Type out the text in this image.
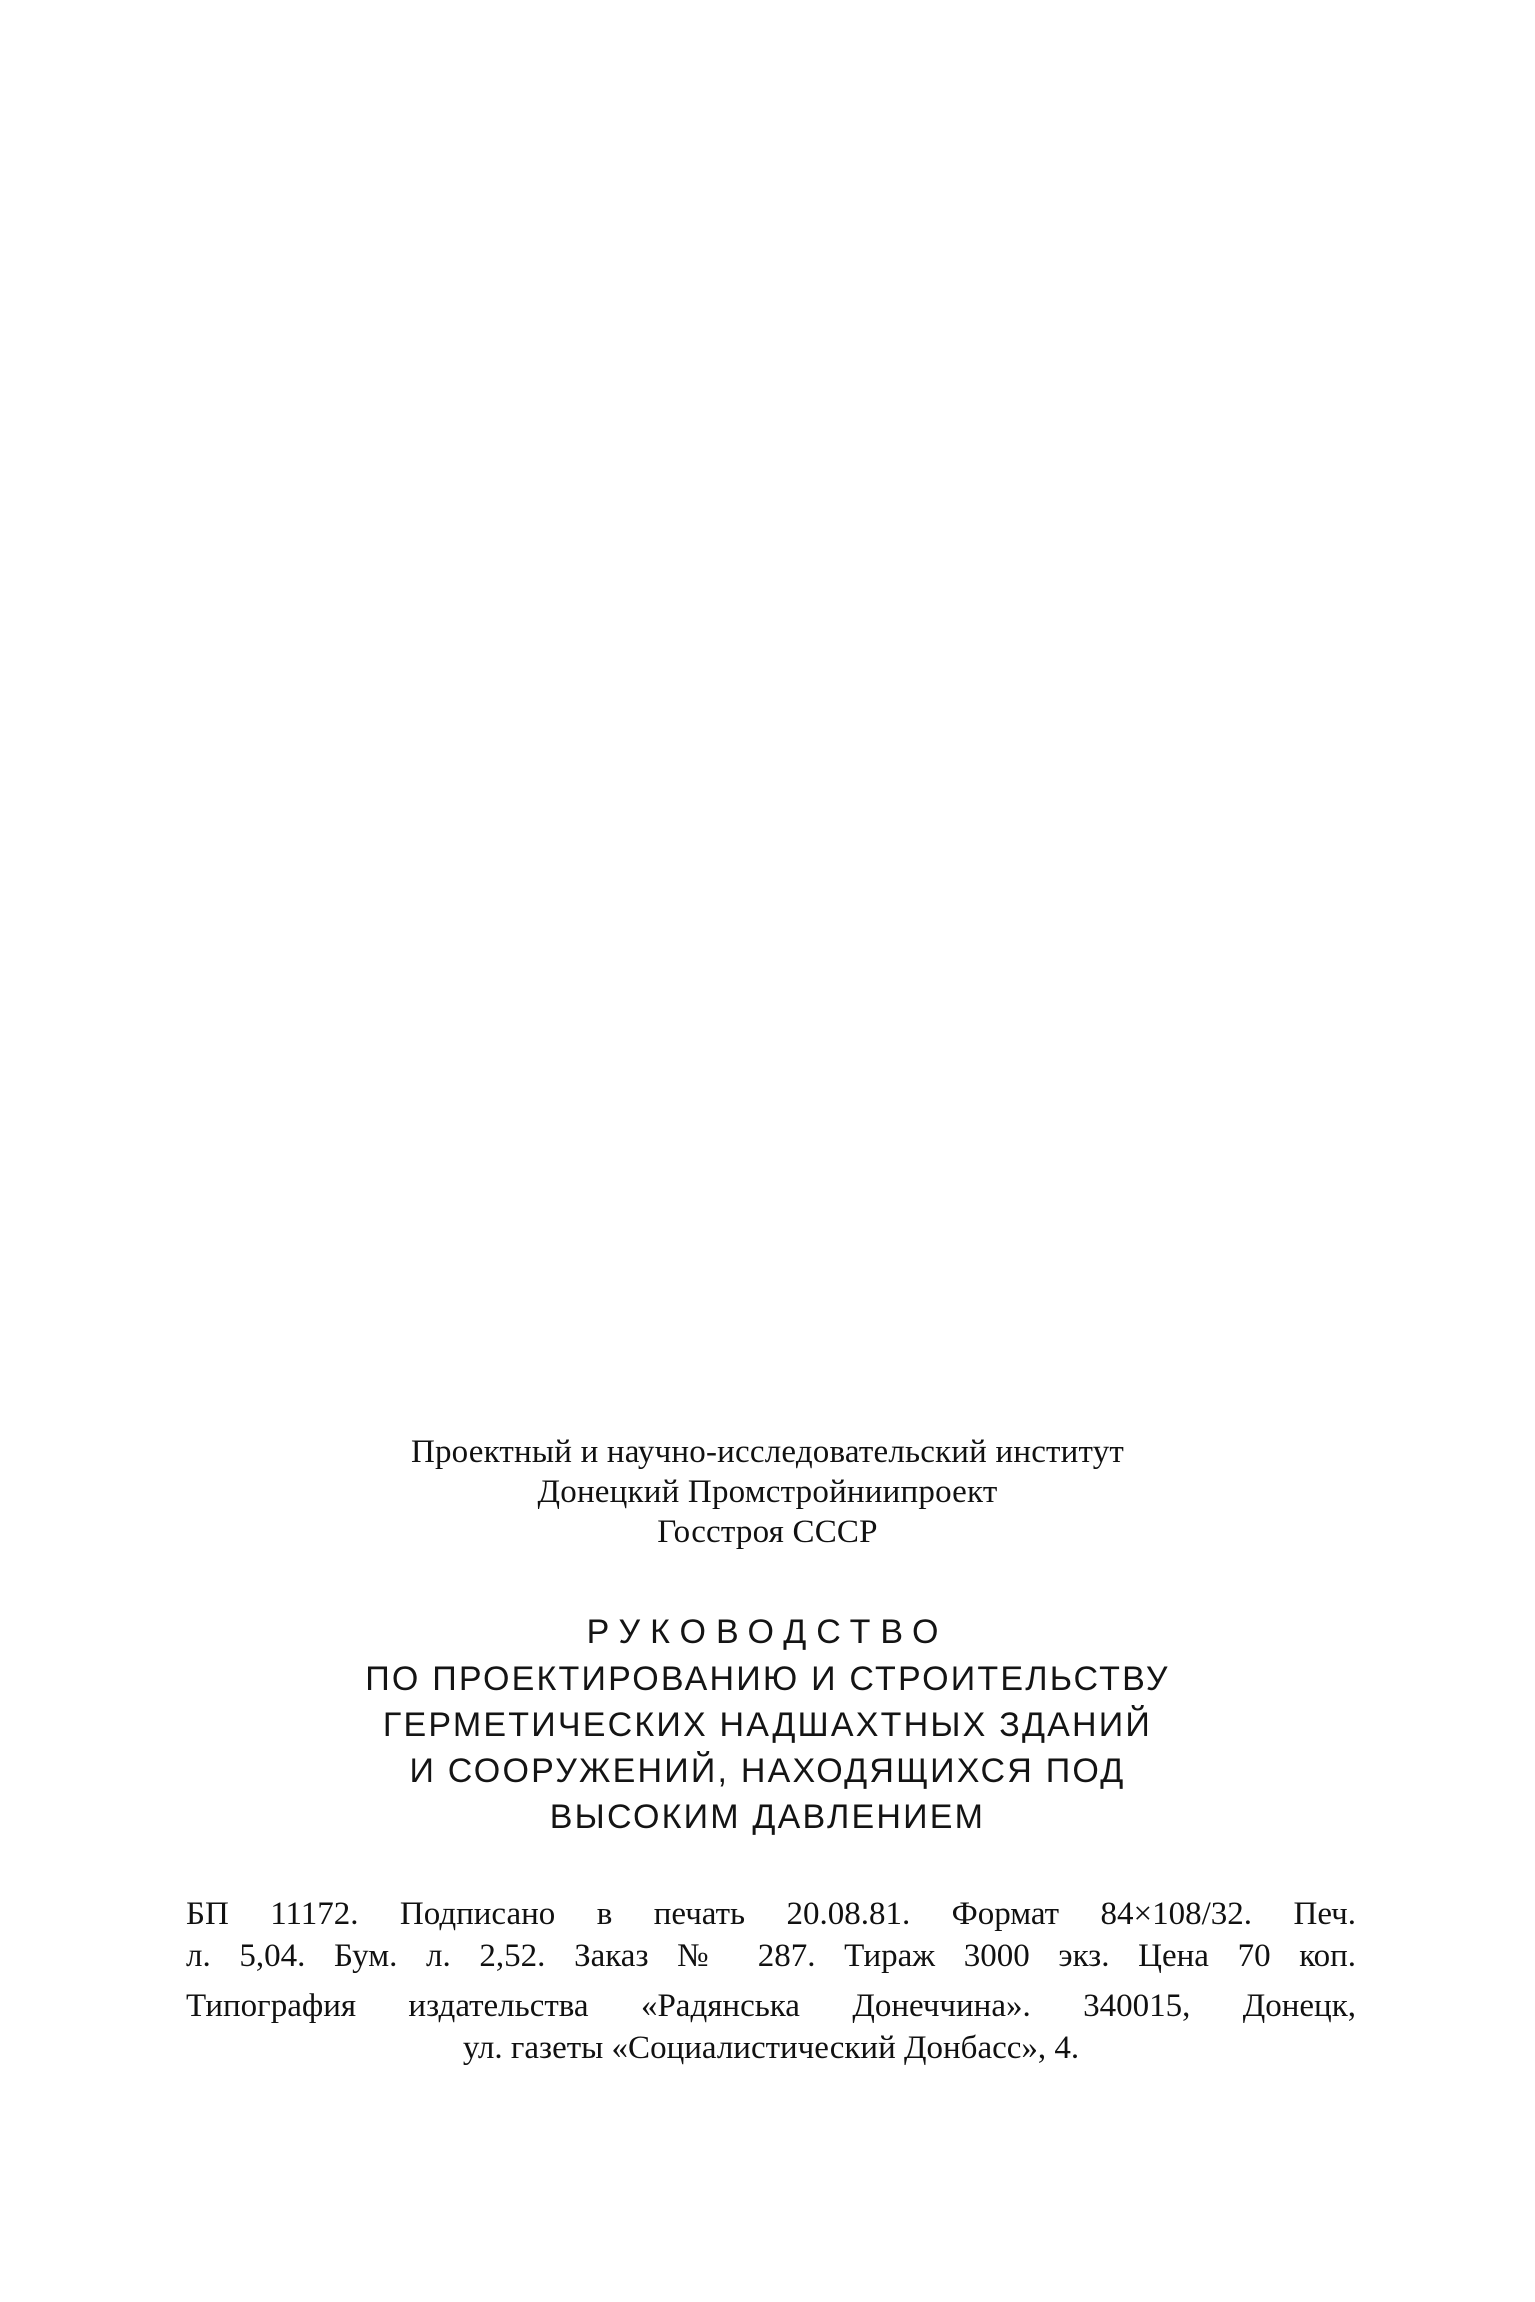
Проектный и научно-исследовательский институт
Донецкий Промстройниипроект
Госстроя СССР
РУКОВОДСТВО
ПО ПРОЕКТИРОВАНИЮ И СТРОИТЕЛЬСТВУ
ГЕРМЕТИЧЕСКИХ НАДШАХТНЫХ ЗДАНИЙ
И СООРУЖЕНИЙ, НАХОДЯЩИХСЯ ПОД
ВЫСОКИМ ДАВЛЕНИЕМ
БП 11172. Подписано в печать 20.08.81. Формат 84×108/32. Печ.
л. 5,04. Бум. л. 2,52. Заказ № 287. Тираж 3000 экз. Цена 70 коп.
Типография издательства «Радянська Донеччина». 340015, Донецк,
ул. газеты «Социалистический Донбасс», 4.
